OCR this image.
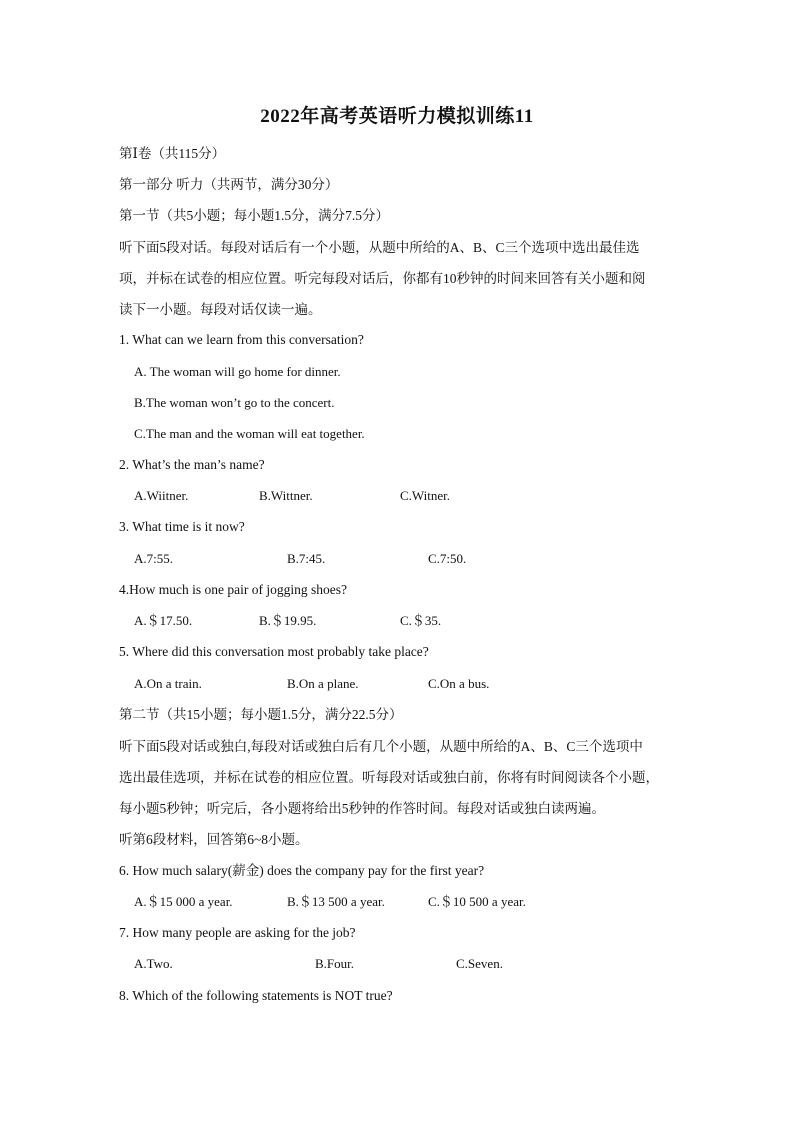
2022年高考英语听力模拟训练11
第Ⅰ卷（共115分）
第一部分 听力（共两节，满分30分）
第一节（共5小题；每小题1.5分，满分7.5分）

听下面5段对话。每段对话后有一个小题，从题中所给的A、B、C三个选项中选出最佳选

项，并标在试卷的相应位置。听完每段对话后，你都有10秒钟的时间来回答有关小题和阅

读下一小题。每段对话仅读一遍。

1. What can we learn from this conversation?
A. The woman will go home for dinner.
B.The woman won’t go to the concert.
C.The man and the woman will eat together.
2. What’s the man’s name?
A.Wiitner.	B.Wittner.	C.Witner.
3. What time is it now?
A.7:55.	B.7:45.	C.7:50.
4.How much is one pair of jogging shoes?
A.＄17.50.	B.＄19.95.	C.＄35.
5. Where did this conversation most probably take place?
A.On a train.	B.On a plane.	C.On a bus.
第二节（共15小题；每小题1.5分，满分22.5分）

听下面5段对话或独白,每段对话或独白后有几个小题，从题中所给的A、B、C三个选项中

选出最佳选项，并标在试卷的相应位置。听每段对话或独白前，你将有时间阅读各个小题，

每小题5秒钟；听完后，各小题将给出5秒钟的作答时间。每段对话或独白读两遍。

听第6段材料，回答第6~8小题。
6. How much salary(薪金) does the company pay for the first year?
A.＄15 000 a year.	B.＄13 500 a year.	C.＄10 500 a year.
7. How many people are asking for the job?
A.Two.	B.Four.	C.Seven.
8. Which of the following statements is NOT true?
